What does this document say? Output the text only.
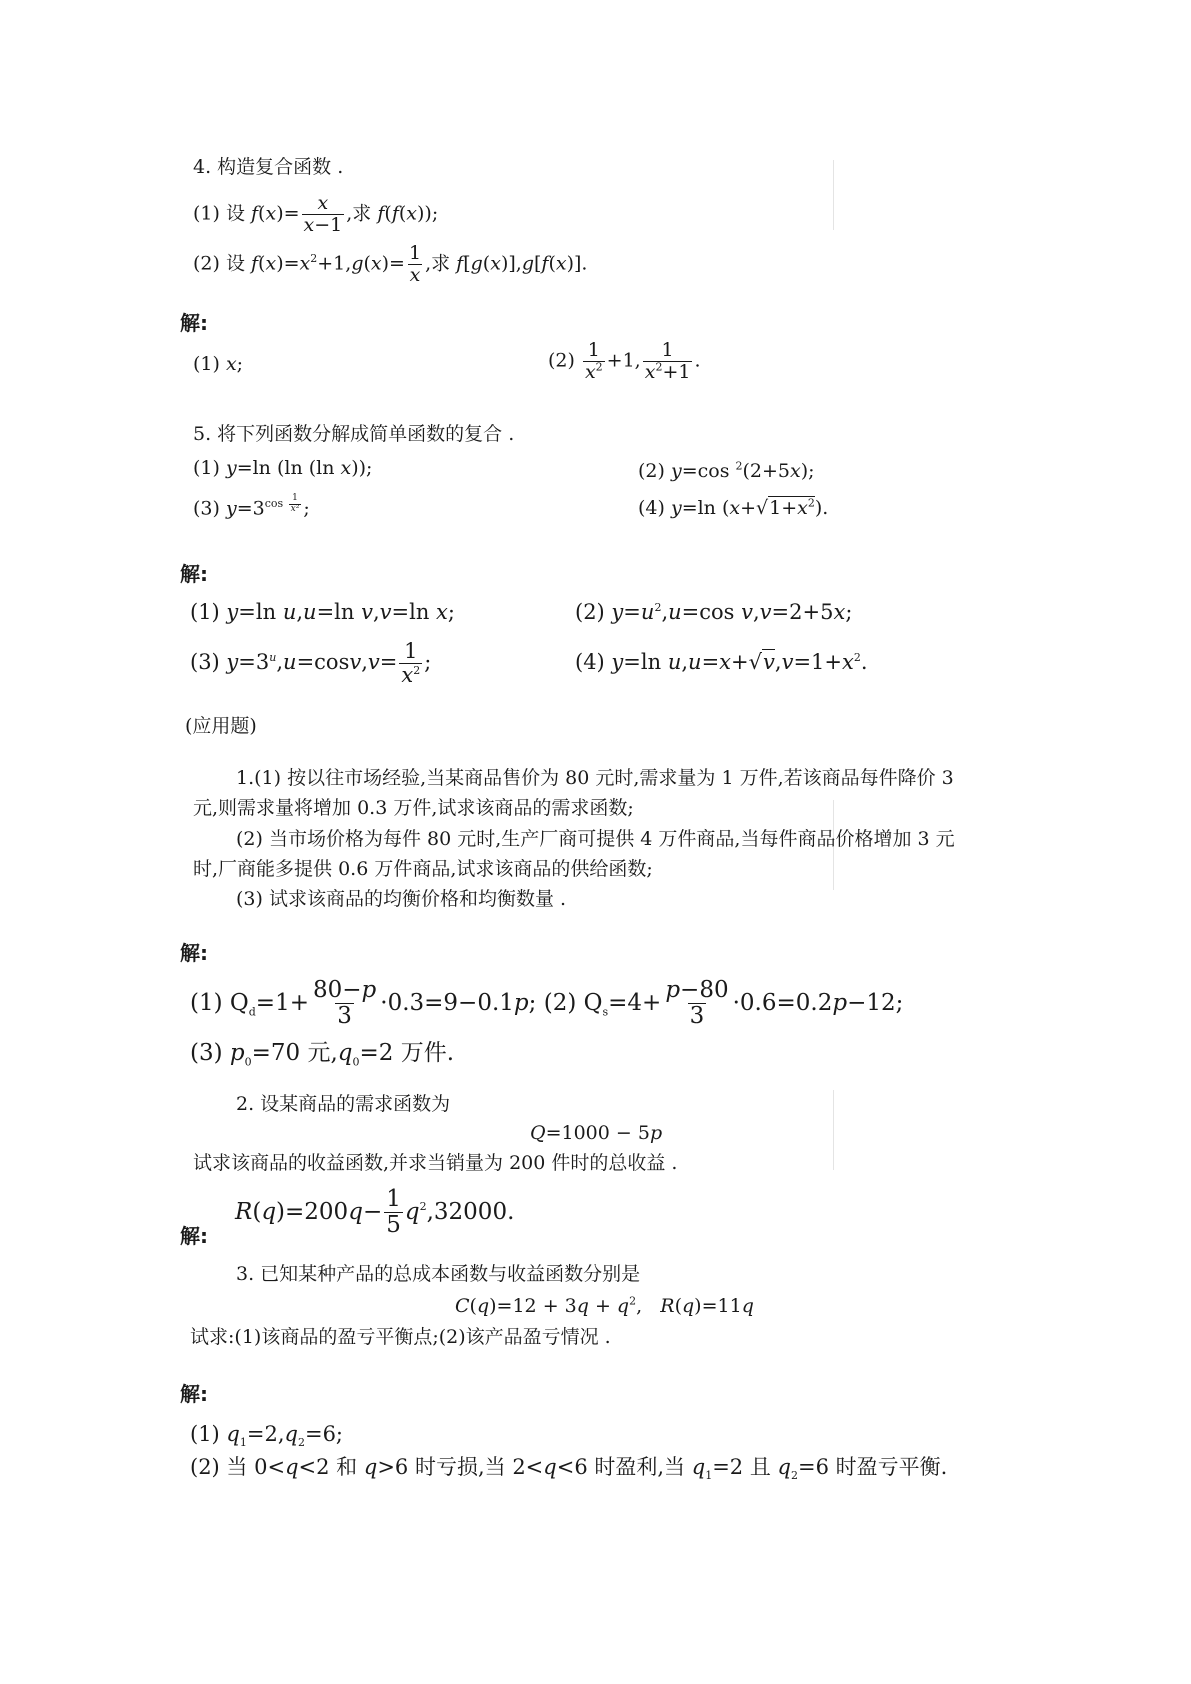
4. 构造复合函数 .
(1) 设 $f(x)= \frac{x}{x-1}$ ,求 f(f(x));
(2) 设 $f(x)=x^2+1,g(x)= \frac{1}{x}$ ,求 f[g(x)],g[f(x)].
解:
(1) x;	$(2) \frac{1}{x^2} +1$, $\frac{1}{x^2+1}$ .
5. 将下列函数分解成简单函数的复合 .
(1) y=ln (ln (ln x));	(2) y=cos $^2$(2+5x);
(3) $y=3^{cos \frac{1}{\text{x²}}}$ ;	(4) y=ln $(x+√1+x^2)$.
解:
(1) y=ln u,u=ln v,v=ln x;	(2) $y=u^2,u=\cos$ v,v=2+5x;
(3) $y=3^u,u=\cos v,v= \frac{1}{x^2}$ ;	(4) y=ln $u,u=x+√v,v=1+x^2$.
(应用题)
1.(1) 按以往市场经验,当某商品售价为 80 元时,需求量为 1 万件,若该商品每件降价 3
元,则需求量将增加 0.3 万件,试求该商品的需求函数;
(2) 当市场价格为每件 80 元时,生产厂商可提供 4 万件商品,当每件商品价格增加 3 元
时,厂商能多提供 0.6 万件商品,试求该商品的供给函数;
(3) 试求该商品的均衡价格和均衡数量 .
解:
(1) $Q_d=1+ \frac{80-p}{3} \cdot 0.3=9-0.1p$; (2) $Q_s=4+ \frac{p-80}{3} \cdot 0.6=0.2p-12$;
(3) $p_0=70$ 元$,q_0=2$ 万件.
2. 设某商品的需求函数为
Q=1000 − 5p
试求该商品的收益函数,并求当销量为 200 件时的总收益 .
$R(q)=200q- \frac{1}{5} q^2,32000$.
解:
3. 已知某种产品的总成本函数与收益函数分别是
$C(q)=12 + 3q + q^2$,   R(q)=11q
试求:(1)该商品的盈亏平衡点;(2)该产品盈亏情况 .
解:
(1) $q_1=2,q_2=6$;
(2) 当 0<q<2 和 q>6 时亏损,当 2<q<6 时盈利,当 $q_1=2$ 且 $q_2=6$ 时盈亏平衡.
